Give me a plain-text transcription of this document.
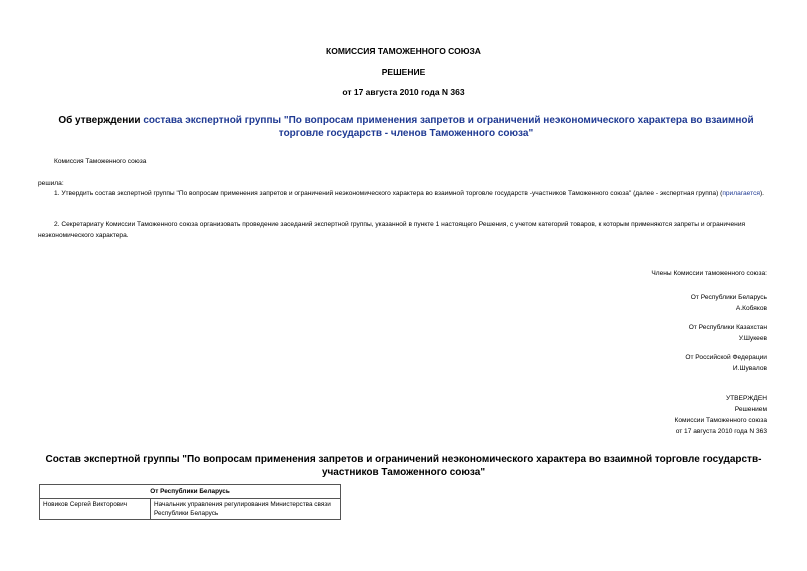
КОМИССИЯ ТАМОЖЕННОГО СОЮЗА
РЕШЕНИЕ
от 17 августа 2010 года N 363
Об утверждении состава экспертной группы "По вопросам применения запретов и ограничений неэкономического характера во взаимной торговле государств - членов Таможенного союза"
Комиссия Таможенного союза
решила:
1. Утвердить состав экспертной группы "По вопросам применения запретов и ограничений неэкономического характера во взаимной торговле государств -участников Таможенного союза" (далее - экспертная группа) (прилагается).
2. Секретариату Комиссии Таможенного союза организовать проведение заседаний экспертной группы, указанной в пункте 1 настоящего Решения, с учетом категорий товаров, к которым применяются запреты и ограничения неэкономического характера.
Члены Комиссии таможенного союза:
От Республики Беларусь
А.Кобяков
От Республики Казахстан
У.Шукеев
От Российской Федерации
И.Шувалов
УТВЕРЖДЕН
Решением
Комиссии Таможенного союза
от 17 августа 2010 года N 363
Состав экспертной группы "По вопросам применения запретов и ограничений неэкономического характера во взаимной торговле государств-участников Таможенного союза"
От Республики Беларусь
Новиков Сергей Викторович	Начальник управления регулирования Министерства связи Республики Беларусь
